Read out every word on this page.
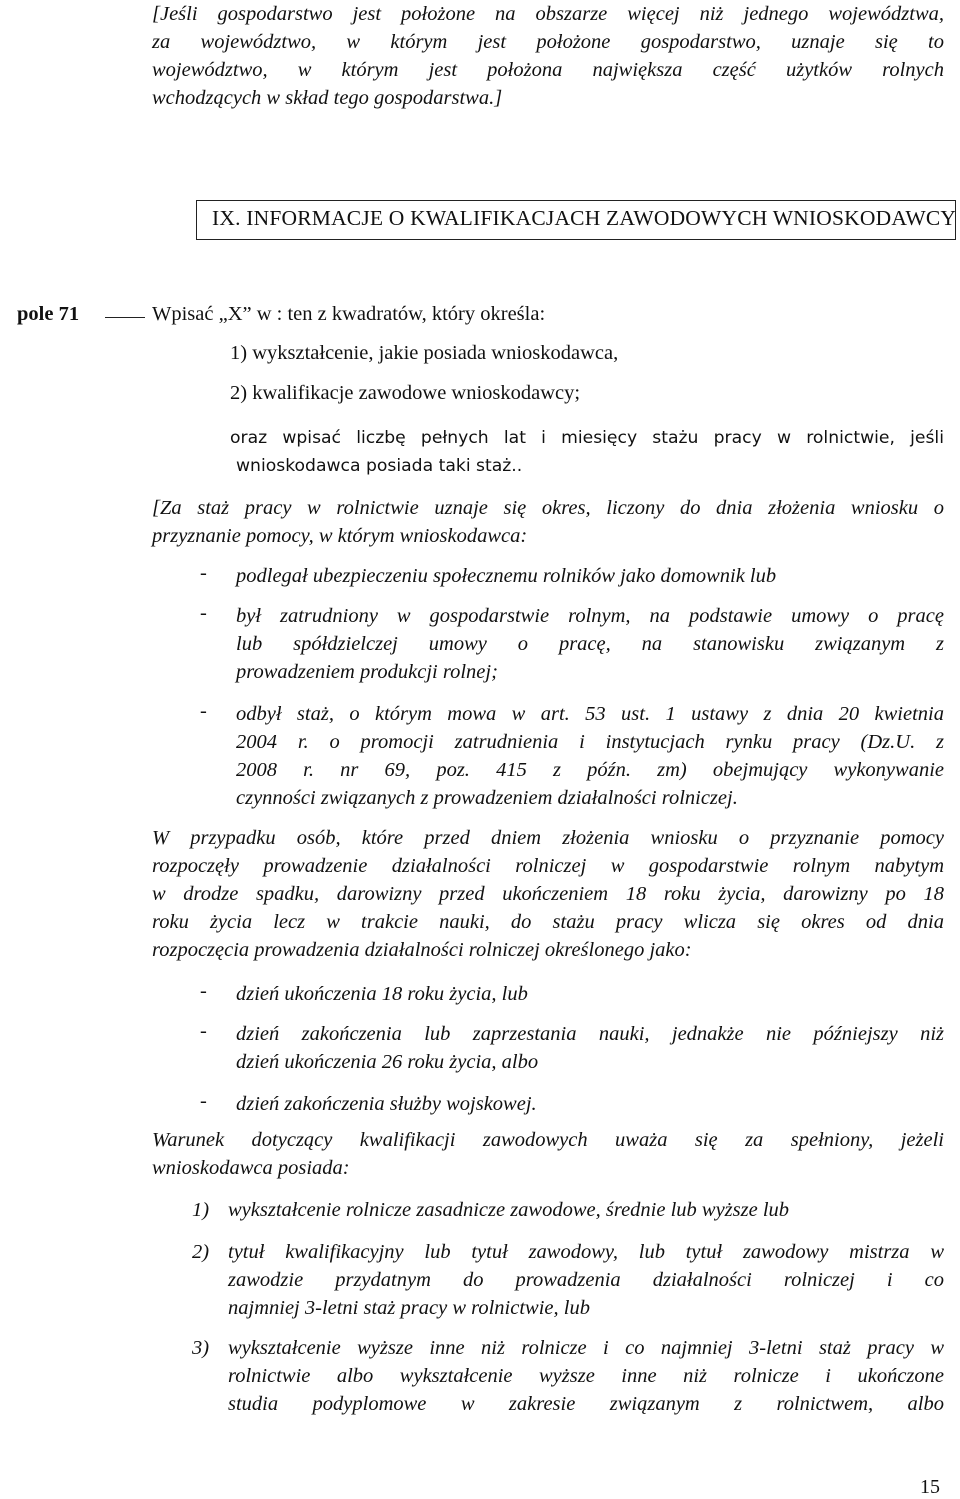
[Jeśli gospodarstwo jest położone na obszarze więcej niż jednego województwa,
za województwo, w którym jest położone gospodarstwo, uznaje się to
województwo, w którym jest położona największa część użytków rolnych
wchodzących w skład tego gospodarstwa.]
IX. INFORMACJE O KWALIFIKACJACH ZAWODOWYCH WNIOSKODAWCY
pole 71	Wpisać „X” w : ten z kwadratów, który określa:
1) wykształcenie, jakie posiada wnioskodawca,
2) kwalifikacje zawodowe wnioskodawcy;
oraz wpisać liczbę pełnych lat i miesięcy stażu pracy w rolnictwie, jeśli
wnioskodawca posiada taki staż..
[Za staż pracy w rolnictwie uznaje się okres, liczony do dnia złożenia wniosku o
przyznanie pomocy, w którym wnioskodawca:
- podlegał ubezpieczeniu społecznemu rolników jako domownik lub
- był zatrudniony w gospodarstwie rolnym, na podstawie umowy o pracę
lub spółdzielczej umowy o pracę, na stanowisku związanym z
prowadzeniem produkcji rolnej;
- odbył staż, o którym mowa w art. 53 ust. 1 ustawy z dnia 20 kwietnia
2004 r. o promocji zatrudnienia i instytucjach rynku pracy (Dz.U. z
2008 r. nr 69, poz. 415 z późn. zm) obejmujący wykonywanie
czynności związanych z prowadzeniem działalności rolniczej.
W przypadku osób, które przed dniem złożenia wniosku o przyznanie pomocy
rozpoczęły prowadzenie działalności rolniczej w gospodarstwie rolnym nabytym
w drodze spadku, darowizny przed ukończeniem 18 roku życia, darowizny po 18
roku życia lecz w trakcie nauki, do stażu pracy wlicza się okres od dnia
rozpoczęcia prowadzenia działalności rolniczej określonego jako:
- dzień ukończenia 18 roku życia, lub
- dzień zakończenia lub zaprzestania nauki, jednakże nie późniejszy niż
dzień ukończenia 26 roku życia, albo
- dzień zakończenia służby wojskowej.
Warunek dotyczący kwalifikacji zawodowych uważa się za spełniony, jeżeli
wnioskodawca posiada:
1) wykształcenie rolnicze zasadnicze zawodowe, średnie lub wyższe lub
2) tytuł kwalifikacyjny lub tytuł zawodowy, lub tytuł zawodowy mistrza w
zawodzie przydatnym do prowadzenia działalności rolniczej i co
najmniej 3-letni staż pracy w rolnictwie, lub
3) wykształcenie wyższe inne niż rolnicze i co najmniej 3-letni staż pracy w
rolnictwie albo wykształcenie wyższe inne niż rolnicze i ukończone
studia podyplomowe w zakresie związanym z rolnictwem, albo
15
